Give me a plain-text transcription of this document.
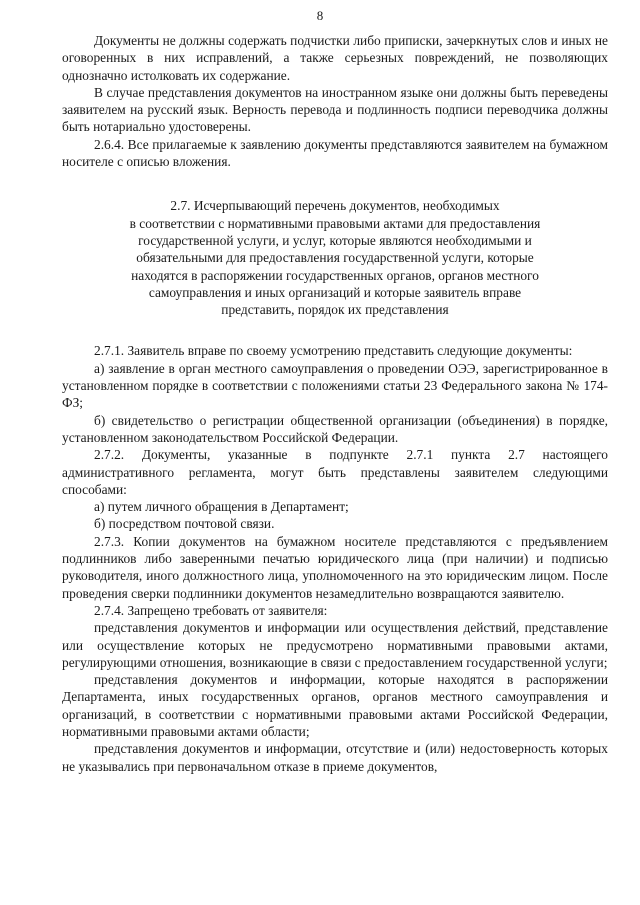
8

Документы не должны содержать подчистки либо приписки, зачеркнутых слов и иных не оговоренных в них исправлений, а также серьезных повреждений, не позволяющих однозначно истолковать их содержание.

В случае представления документов на иностранном языке они должны быть переведены заявителем на русский язык. Верность перевода и подлинность подписи переводчика должны быть нотариально удостоверены.

2.6.4. Все прилагаемые к заявлению документы представляются заявителем на бумажном носителе с описью вложения.

2.7. Исчерпывающий перечень документов, необходимых
в соответствии с нормативными правовыми актами для предоставления
государственной услуги, и услуг, которые являются необходимыми и
обязательными для предоставления государственной услуги, которые
находятся в распоряжении государственных органов, органов местного
самоуправления и иных организаций и которые заявитель вправе
представить, порядок их представления

2.7.1. Заявитель вправе по своему усмотрению представить следующие документы:

а) заявление в орган местного самоуправления о проведении ОЭЭ, зарегистрированное в установленном порядке в соответствии с положениями статьи 23 Федерального закона № 174-ФЗ;

б) свидетельство о регистрации общественной организации (объединения) в порядке, установленном законодательством Российской Федерации.

2.7.2. Документы, указанные в подпункте 2.7.1 пункта 2.7 настоящего административного регламента, могут быть представлены заявителем следующими способами:

а) путем личного обращения в Департамент;

б) посредством почтовой связи.

2.7.3. Копии документов на бумажном носителе представляются с предъявлением подлинников либо заверенными печатью юридического лица (при наличии) и подписью руководителя, иного должностного лица, уполномоченного на это юридическим лицом. После проведения сверки подлинники документов незамедлительно возвращаются заявителю.

2.7.4. Запрещено требовать от заявителя:

представления документов и информации или осуществления действий, представление или осуществление которых не предусмотрено нормативными правовыми актами, регулирующими отношения, возникающие в связи с предоставлением государственной услуги;

представления документов и информации, которые находятся в распоряжении Департамента, иных государственных органов, органов местного самоуправления и организаций, в соответствии с нормативными правовыми актами Российской Федерации, нормативными правовыми актами области;

представления документов и информации, отсутствие и (или) недостоверность которых не указывались при первоначальном отказе в приеме документов,
